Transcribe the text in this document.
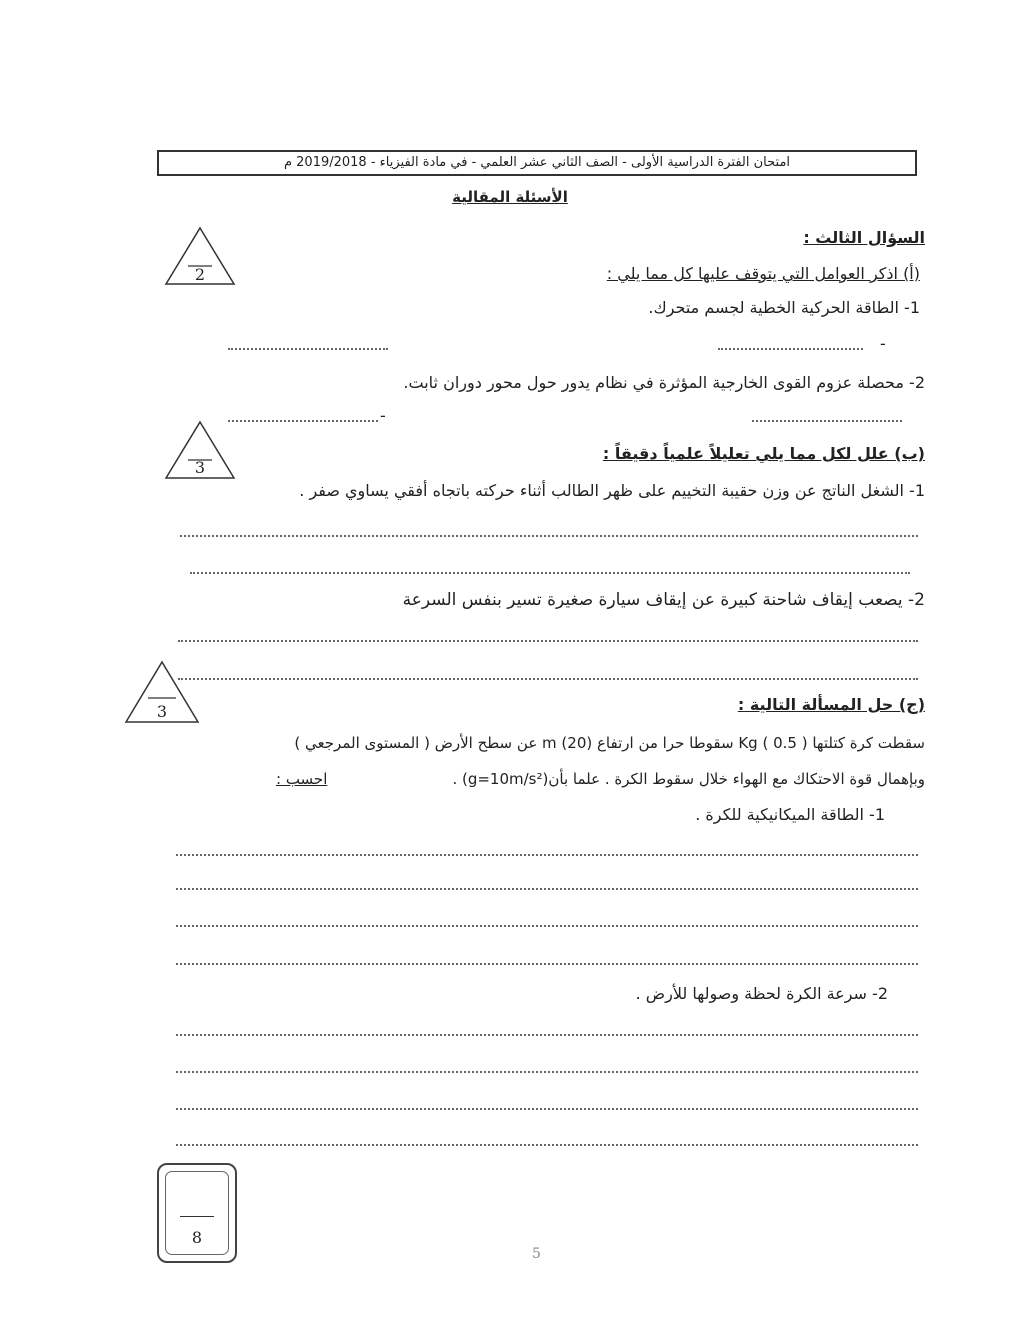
امتحان الفترة الدراسية الأولى - الصف الثاني عشر العلمي - في مادة الفيزياء - 2019/2018 م
الأسئلة المقالية
السؤال الثالث :
2	(أ) اذكر العوامل التي يتوقف عليها كل مما يلي :
1- الطاقة الحركية الخطية لجسم متحرك.
-
2- محصلة عزوم القوى الخارجية المؤثرة في نظام يدور حول محور دوران ثابت.
-
3
(ب) علل لكل مما يلي تعليلاً علمياً دقيقاً :
1- الشغل الناتج عن وزن حقيبة التخييم على ظهر الطالب أثناء حركته باتجاه أفقي يساوي صفر .
2- يصعب إيقاف شاحنة كبيرة عن إيقاف سيارة صغيرة تسير بنفس السرعة
3	(ج) حل المسألة التالية :
سقطت كرة كتلتها Kg ( 0.5 ) سقوطا حرا من ارتفاع m (20) عن سطح الأرض ( المستوى المرجعي )
وبإهمال قوة الاحتكاك مع الهواء خلال سقوط الكرة . علما بأن(g=10m/s²) .
احسب :
1- الطاقة الميكانيكية للكرة .
2- سرعة الكرة لحظة وصولها للأرض .
8
5
